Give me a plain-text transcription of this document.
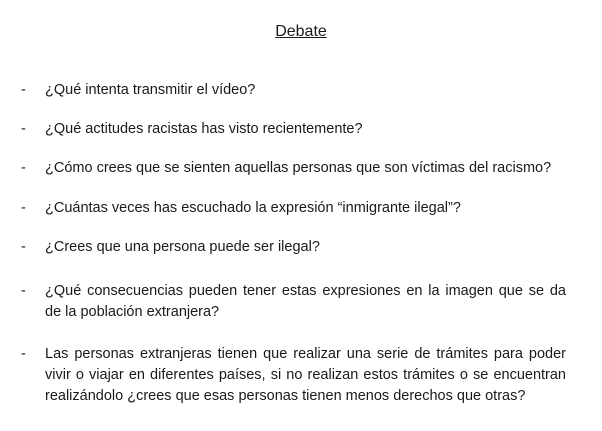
Debate
- ¿Qué intenta transmitir el vídeo?
- ¿Qué actitudes racistas has visto recientemente?
- ¿Cómo crees que se sienten aquellas personas que son víctimas del racismo?
- ¿Cuántas veces has escuchado la expresión “inmigrante ilegal”?
- ¿Crees que una persona puede ser ilegal?
- ¿Qué consecuencias pueden tener estas expresiones en la imagen que se da de la población extranjera?
- Las personas extranjeras tienen que realizar una serie de trámites para poder vivir o viajar en diferentes países, si no realizan estos trámites o se encuentran realizándolo ¿crees que esas personas tienen menos derechos que otras?
